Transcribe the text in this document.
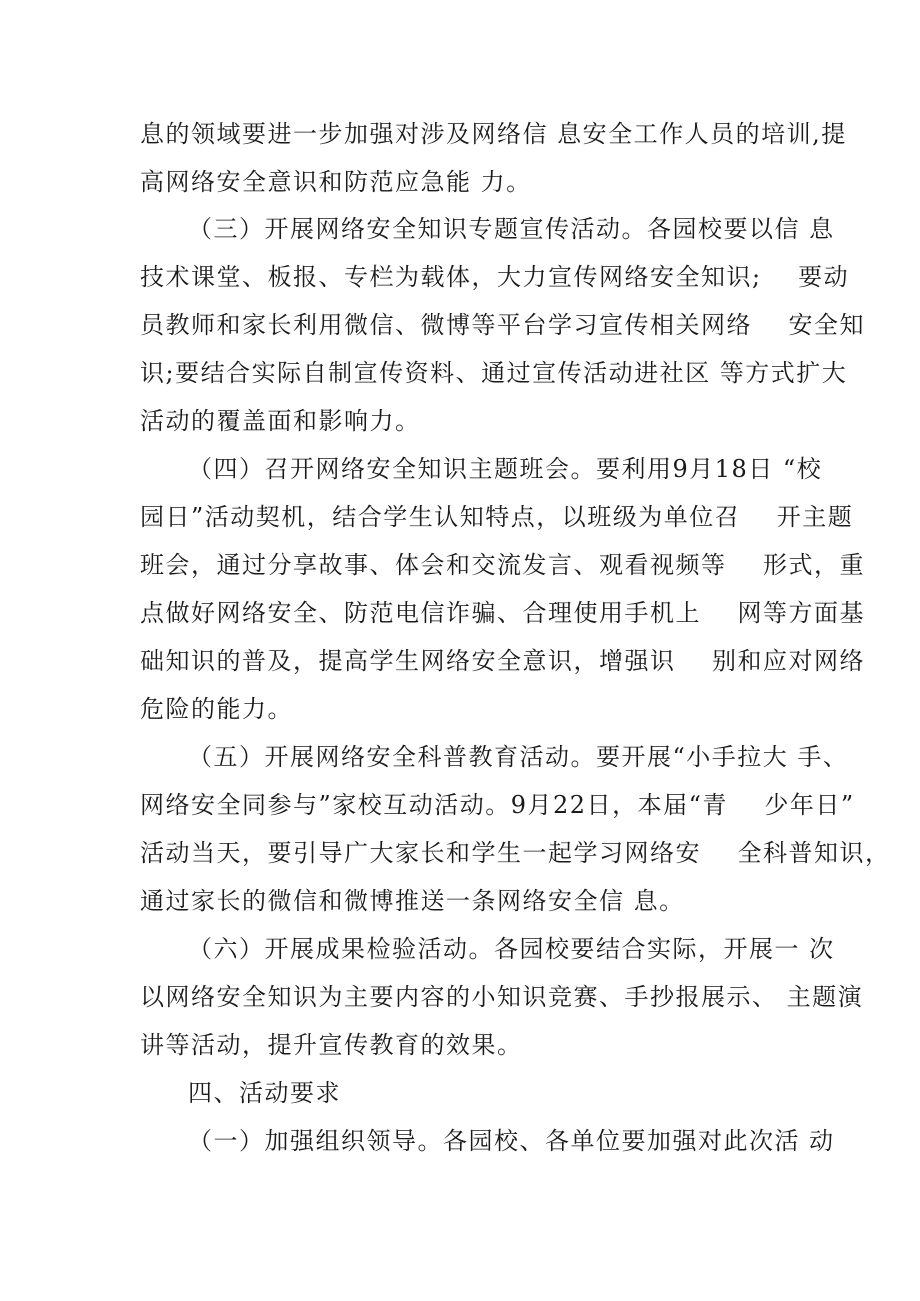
息的领域要进一步加强对涉及网络信 息安全工作人员的培训,提
高网络安全意识和防范应急能 力。
（三）开展网络安全知识专题宣传活动。各园校要以信 息
技术课堂、板报、专栏为载体，大力宣传网络安全知识;    要动
员教师和家长利用微信、微博等平台学习宣传相关网络    安全知
识;要结合实际自制宣传资料、通过宣传活动进社区 等方式扩大
活动的覆盖面和影响力。
（四）召开网络安全知识主题班会。要利用9月18日 “校
园日”活动契机，结合学生认知特点，以班级为单位召    开主题
班会，通过分享故事、体会和交流发言、观看视频等    形式，重
点做好网络安全、防范电信诈骗、合理使用手机上    网等方面基
础知识的普及，提高学生网络安全意识，增强识    别和应对网络
危险的能力。
（五）开展网络安全科普教育活动。要开展“小手拉大 手、
网络安全同参与”家校互动活动。9月22日，本届“青    少年日”
活动当天，要引导广大家长和学生一起学习网络安    全科普知识，
通过家长的微信和微博推送一条网络安全信 息。
（六）开展成果检验活动。各园校要结合实际，开展一 次
以网络安全知识为主要内容的小知识竞赛、手抄报展示、 主题演
讲等活动，提升宣传教育的效果。
四、活动要求
（一）加强组织领导。各园校、各单位要加强对此次活 动
